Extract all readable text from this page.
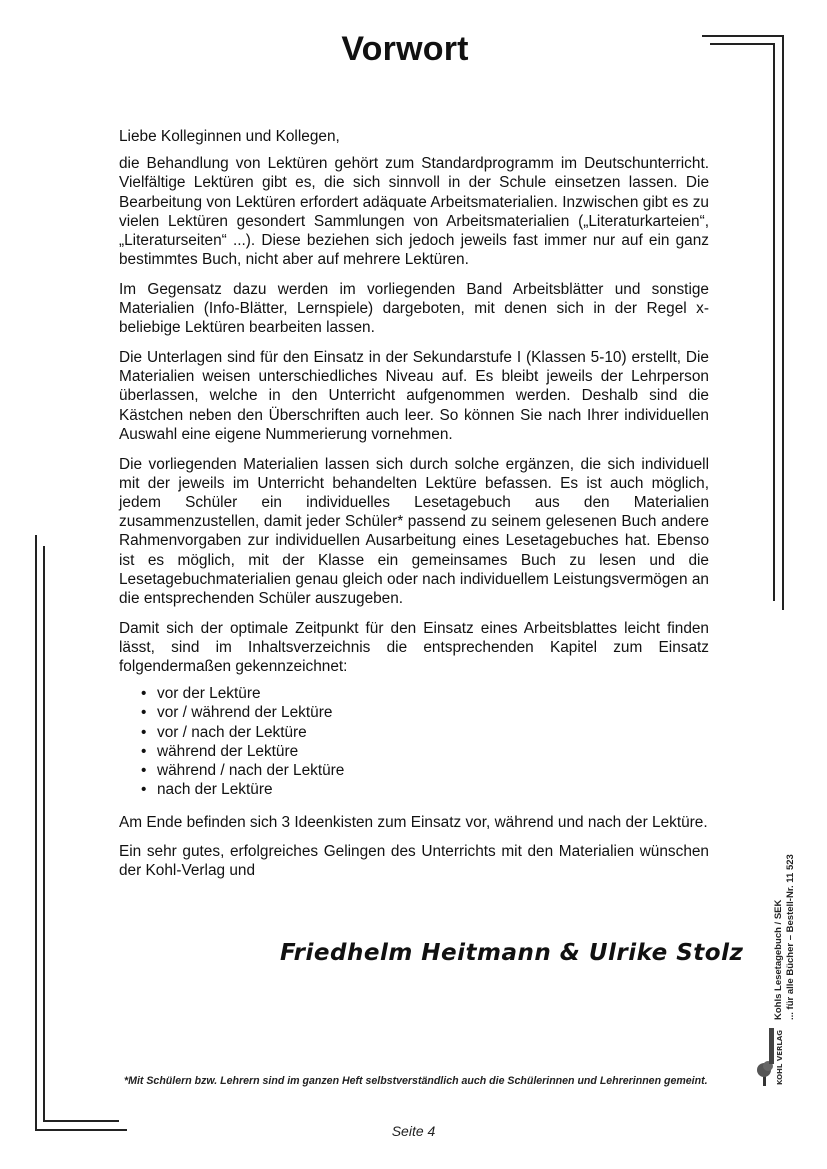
Vorwort

Liebe Kolleginnen und Kollegen,

die Behandlung von Lektüren gehört zum Standardprogramm im Deutschunterricht. Vielfältige Lektüren gibt es, die sich sinnvoll in der Schule einsetzen lassen. Die Bearbeitung von Lektüren erfordert adäquate Arbeitsmaterialien. Inzwischen gibt es zu vielen Lektüren gesondert Sammlungen von Arbeitsmaterialien („Literaturkarteien“, „Literaturseiten“ ...). Diese beziehen sich jedoch jeweils fast immer nur auf ein ganz bestimmtes Buch, nicht aber auf mehrere Lektüren.

Im Gegensatz dazu werden im vorliegenden Band Arbeitsblätter und sonstige Materialien (Info-Blätter, Lernspiele) dargeboten, mit denen sich in der Regel x-beliebige Lektüren bearbeiten lassen.

Die Unterlagen sind für den Einsatz in der Sekundarstufe I (Klassen 5-10) erstellt, Die Materialien weisen unterschiedliches Niveau auf. Es bleibt jeweils der Lehrperson überlassen, welche in den Unterricht aufgenommen werden. Deshalb sind die Kästchen neben den Überschriften auch leer. So können Sie nach Ihrer individuellen Auswahl eine eigene Nummerierung vornehmen.

Die vorliegenden Materialien lassen sich durch solche ergänzen, die sich individuell mit der jeweils im Unterricht behandelten Lektüre befassen. Es ist auch möglich, jedem Schüler ein individuelles Lesetagebuch aus den Materialien zusammenzustellen, damit jeder Schüler* passend zu seinem gelesenen Buch andere Rahmenvorgaben zur individuellen Ausarbeitung eines Lesetagebuches hat. Ebenso ist es möglich, mit der Klasse ein gemeinsames Buch zu lesen und die Lesetagebuchmaterialien genau gleich oder nach individuellem Leistungsvermögen an die entsprechenden Schüler auszugeben.

Damit sich der optimale Zeitpunkt für den Einsatz eines Arbeitsblattes leicht finden lässt, sind im Inhaltsverzeichnis die entsprechenden Kapitel zum Einsatz folgendermaßen gekennzeichnet:

• vor der Lektüre
• vor / während der Lektüre
• vor / nach der Lektüre
• während der Lektüre
• während / nach der Lektüre
• nach der Lektüre

Am Ende befinden sich 3 Ideenkisten zum Einsatz vor, während und nach der Lektüre.

Ein sehr gutes, erfolgreiches Gelingen des Unterrichts mit den Materialien wünschen der Kohl-Verlag und

Friedhelm Heitmann & Ulrike Stolz
*Mit Schülern bzw. Lehrern sind im ganzen Heft selbstverständlich auch die Schülerinnen und Lehrerinnen gemeint.
Seite 4
Kohls Lesetagebuch / SEK ... für alle Bücher – Bestell-Nr. 11 523
KOHL VERLAG
